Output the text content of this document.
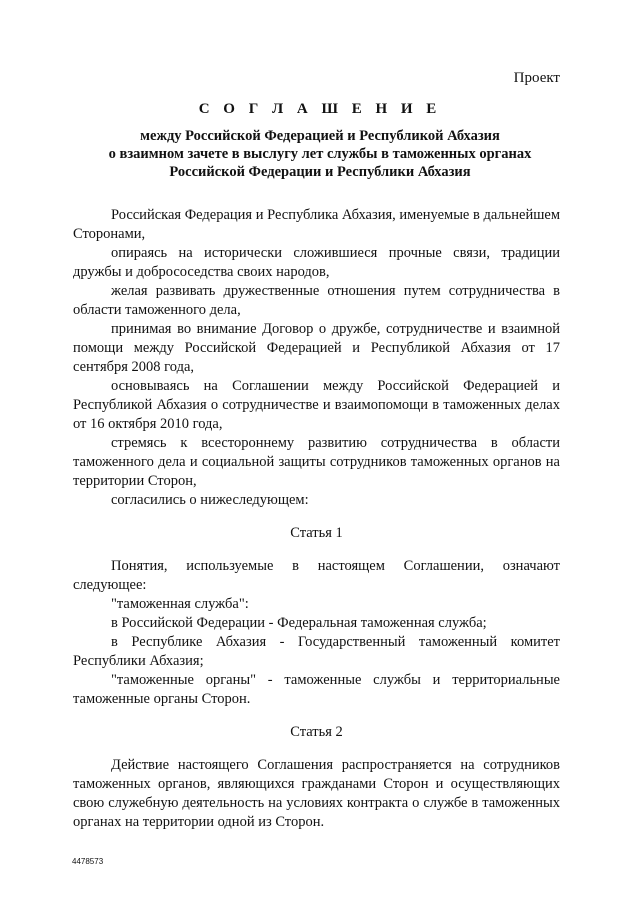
Проект
С О Г Л А Ш Е Н И Е
между Российской Федерацией и Республикой Абхазия
о взаимном зачете в выслугу лет службы в таможенных органах
Российской Федерации и Республики Абхазия

Российская Федерация и Республика Абхазия, именуемые в дальнейшем Сторонами,

опираясь на исторически сложившиеся прочные связи, традиции дружбы и добрососедства своих народов,

желая развивать дружественные отношения путем сотрудничества в области таможенного дела,

принимая во внимание Договор о дружбе, сотрудничестве и взаимной помощи между Российской Федерацией и Республикой Абхазия от 17 сентября 2008 года,

основываясь на Соглашении между Российской Федерацией и Республикой Абхазия о сотрудничестве и взаимопомощи в таможенных делах от 16 октября 2010 года,

стремясь к всестороннему развитию сотрудничества в области таможенного дела и социальной защиты сотрудников таможенных органов на территории Сторон,

согласились о нижеследующем:

Статья 1

Понятия, используемые в настоящем Соглашении, означают следующее:

"таможенная служба":

в Российской Федерации - Федеральная таможенная служба;

в Республике Абхазия - Государственный таможенный комитет Республики Абхазия;

"таможенные органы" - таможенные службы и территориальные таможенные органы Сторон.

Статья 2

Действие настоящего Соглашения распространяется на сотрудников таможенных органов, являющихся гражданами Сторон и осуществляющих свою служебную деятельность на условиях контракта о службе в таможенных органах на территории одной из Сторон.

4478573
